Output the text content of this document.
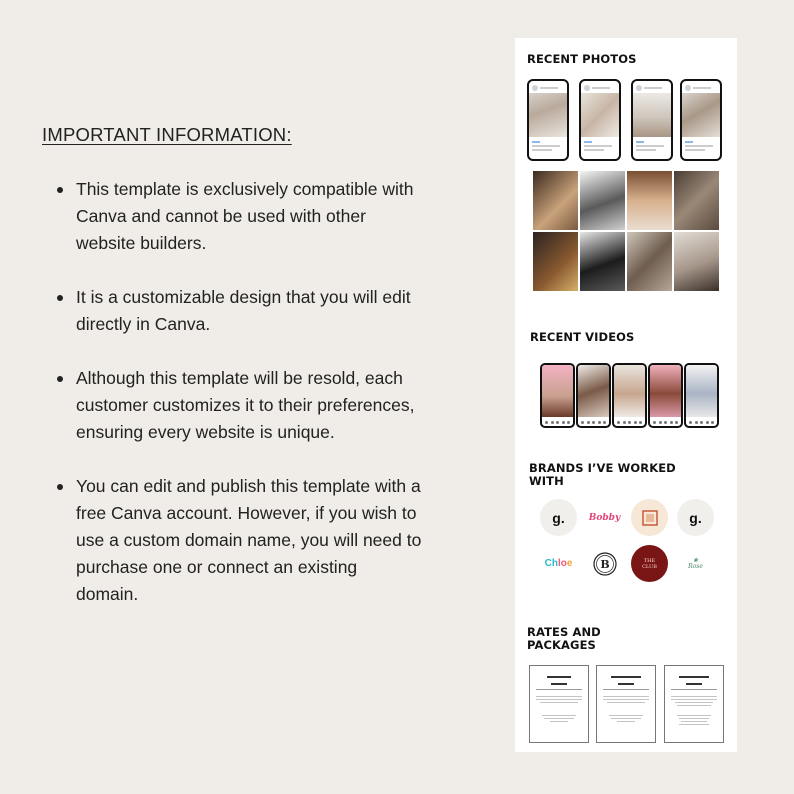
IMPORTANT INFORMATION:
This template is exclusively compatible with Canva and cannot be used with other website builders.
It is a customizable design that you will edit directly in Canva.
Although this template will be resold, each customer customizes it to their preferences, ensuring every website is unique.
You can edit and publish this template with a free Canva account. However, if you wish to use a custom domain name, you will need to purchase one or connect an existing domain.
RECENT PHOTOS
RECENT VIDEOS
BRANDS I’VE WORKED
WITH
g.	Bobby	g.
Ch lo e B	THE
CLUB
❀
Rose
RATES AND
PACKAGES
